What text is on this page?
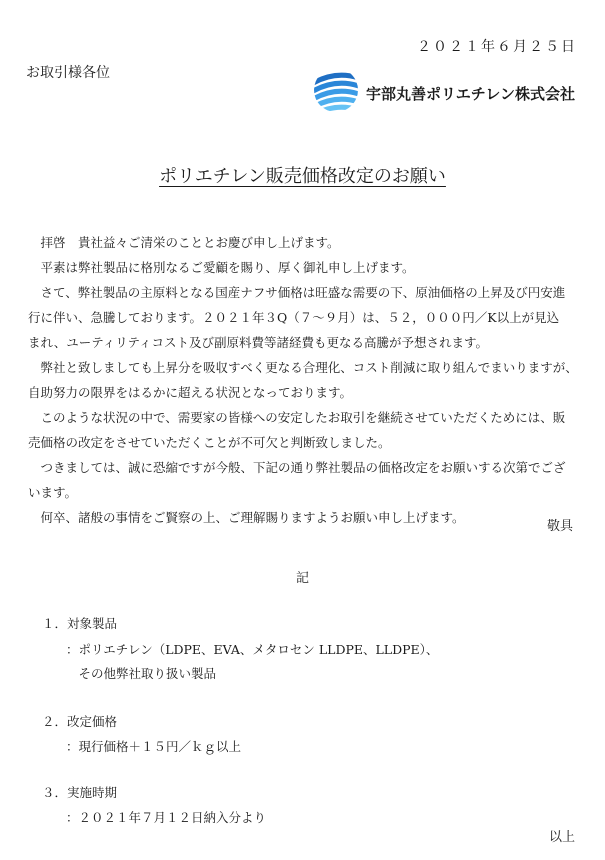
２０２１年６月２５日
お取引様各位
宇部丸善ポリエチレン株式会社
ポリエチレン販売価格改定のお願い
　拝啓　貴社益々ご清栄のこととお慶び申し上げます。
　平素は弊社製品に格別なるご愛顧を賜り、厚く御礼申し上げます。
　さて、弊社製品の主原料となる国産ナフサ価格は旺盛な需要の下、原油価格の上昇及び円安進
行に伴い、急騰しております。２０２１年３Q（７～９月）は、５２，０００円／K以上が見込
まれ、ユーティリティコスト及び副原料費等諸経費も更なる高騰が予想されます。
　弊社と致しましても上昇分を吸収すべく更なる合理化、コスト削減に取り組んでまいりますが、
自助努力の限界をはるかに超える状況となっております。
　このような状況の中で、需要家の皆様への安定したお取引を継続させていただくためには、販
売価格の改定をさせていただくことが不可欠と判断致しました。
　つきましては、誠に恐縮ですが今般、下記の通り弊社製品の価格改定をお願いする次第でござ
います。
　何卒、諸般の事情をご賢察の上、ご理解賜りますようお願い申し上げます。
敬具
記
１．対象製品
：ポリエチレン（LDPE、EVA、メタロセン LLDPE、LLDPE）、
　その他弊社取り扱い製品
２．改定価格
：現行価格＋１５円／ｋｇ以上
３．実施時期
：２０２１年７月１２日納入分より
以上
